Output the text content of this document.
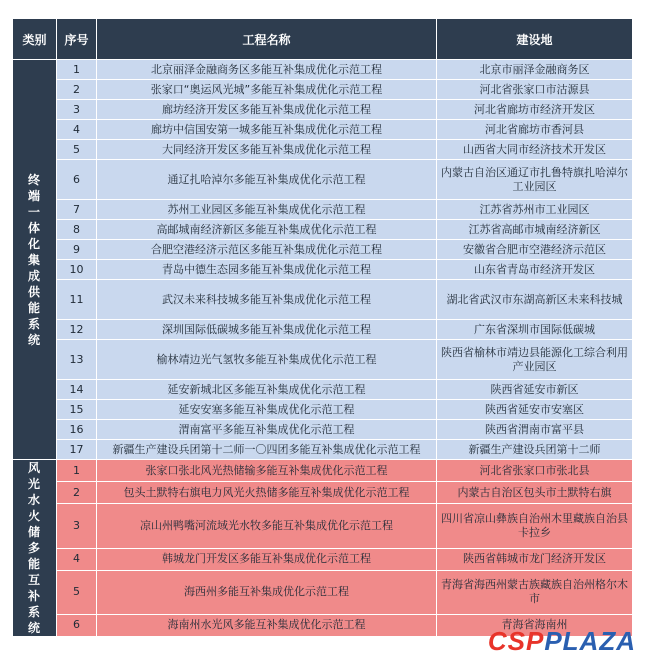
类别	序号	工程名称	建设地
终端一体化集成供能系统	1	北京丽泽金融商务区多能互补集成优化示范工程	北京市丽泽金融商务区
	2	张家口“奥运风光城”多能互补集成优化示范工程	河北省张家口市沽源县
	3	廊坊经济开发区多能互补集成优化示范工程	河北省廊坊市经济开发区
	4	廊坊中信国安第一城多能互补集成优化示范工程	河北省廊坊市香河县
	5	大同经济开发区多能互补集成优化示范工程	山西省大同市经济技术开发区
	6	通辽扎哈淖尔多能互补集成优化示范工程	内蒙古自治区通辽市扎鲁特旗扎哈淖尔工业园区
	7	苏州工业园区多能互补集成优化示范工程	江苏省苏州市工业园区
	8	高邮城南经济新区多能互补集成优化示范工程	江苏省高邮市城南经济新区
	9	合肥空港经济示范区多能互补集成优化示范工程	安徽省合肥市空港经济示范区
	10	青岛中德生态园多能互补集成优化示范工程	山东省青岛市经济开发区
	11	武汉未来科技城多能互补集成优化示范工程	湖北省武汉市东湖高新区未来科技城
	12	深圳国际低碳城多能互补集成优化示范工程	广东省深圳市国际低碳城
	13	榆林靖边光气氢牧多能互补集成优化示范工程	陕西省榆林市靖边县能源化工综合利用产业园区
	14	延安新城北区多能互补集成优化示范工程	陕西省延安市新区
	15	延安安塞多能互补集成优化示范工程	陕西省延安市安塞区
	16	渭南富平多能互补集成优化示范工程	陕西省渭南市富平县
	17	新疆生产建设兵团第十二师一〇四团多能互补集成优化示范工程	新疆生产建设兵团第十二师
风光水火储多能互补系统	1	张家口张北风光热储输多能互补集成优化示范工程	河北省张家口市张北县
	2	包头土默特右旗电力风光火热储多能互补集成优化示范工程	内蒙古自治区包头市土默特右旗
	3	凉山州鸭嘴河流域光水牧多能互补集成优化示范工程	四川省凉山彝族自治州木里藏族自治县卡拉乡
	4	韩城龙门开发区多能互补集成优化示范工程	陕西省韩城市龙门经济开发区
	5	海西州多能互补集成优化示范工程	青海省海西州蒙古族藏族自治州格尔木市
	6	海南州水光风多能互补集成优化示范工程	青海省海南州
CSPPLAZA
